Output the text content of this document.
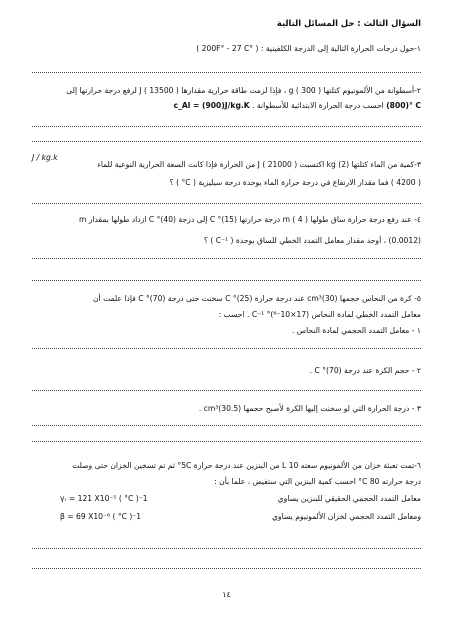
السؤال الثالث : حل المسائل التالية
١-حول درجات الحرارة التالية إلى الدرجة الكلفينية : ( 200F° - 27 C° )
٢-أسطوانة من الألمونيوم كتلتها ( 300 ) g ، فإذا لزمت طاقة حرارية مقدارها ( 13500 ) J لرفع درجة حرارتها إلى
(800)° C احسب درجة الحرارة الابتدائية للأسطوانة . c_Al = (900)J/kg.K
J / kg.k
٣-كمية من الماء كتلتها (2) kg اكتسبت ( 21000 ) J من الحرارة فإذا كانت السعة الحرارية النوعية للماء
( 4200 ) فما مقدار الارتفاع في درجة حرارة الماء بوحدة درجة سيليزية ( C° ) ؟
٤- عند رفع درجة حرارة ساق طولها m ( 4 ) درجة حرارتها (15)° C إلى درجة (40)° C ازداد طولها بمقدار m
(0.0012) ، أوجد مقدار معامل التمدد الخطي للساق بوحدة ( C⁻¹ ) ؟
٥- كرة من النحاس حجمها (30)cm³ عند درجة حرارة (25)° C سخنت حتى درجة (70)° C فإذا علمت أن
معامل التمدد الخطي لمادة النحاس (17×10⁻⁶)° C⁻¹ . احسب :
١ - معامل التمدد الحجمي لمادة النحاس .
٢ - حجم الكرة عند درجة (70)° C .
٣ - درجة الحرارة التي لو سخنت إليها الكرة لأصبح حجمها (30.5)cm³ .
٦-تمت تعبئة خزان من الألمونيوم سعته 10 L من البنزين عند درجة حرارة 5C° ثم تم تسخين الخزان حتى وصلت
درجة حرارته 80 C° احسب كمية البنزين التي ستفيض ، علما بأن :
معامل التمدد الحجمي الحقيقي للبنزين يساوي
γᵣ = 121 X10⁻⁵ ( °C )⁻1
ومعامل التمدد الحجمي لخزان الألمونيوم يساوي
β = 69 X10⁻⁶ ( °C )⁻1
١٤
